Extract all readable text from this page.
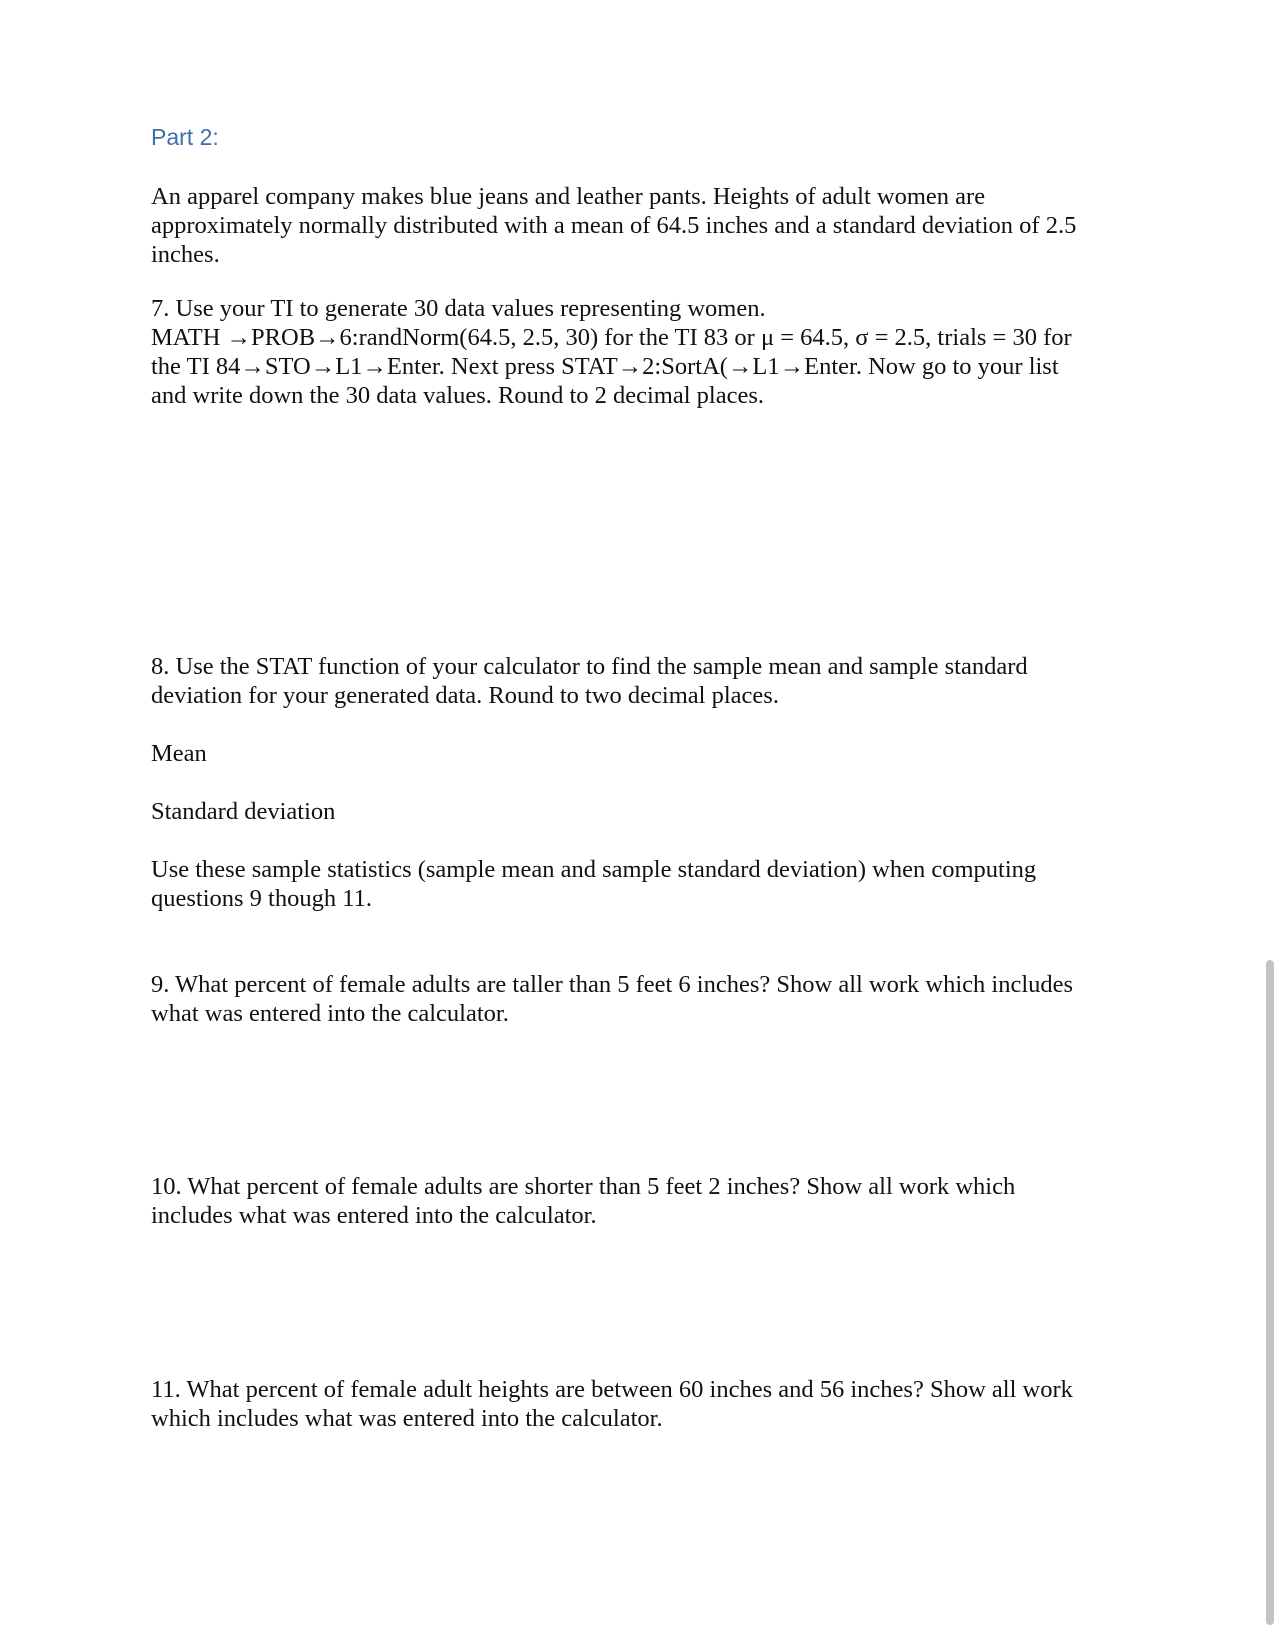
Part 2:

An apparel company makes blue jeans and leather pants. Heights of adult women are
approximately normally distributed with a mean of 64.5 inches and a standard deviation of 2.5
inches.

7. Use your TI to generate 30 data values representing women.
MATH →PROB→6:randNorm(64.5, 2.5, 30) for the TI 83 or μ = 64.5, σ = 2.5, trials = 30 for
the TI 84→STO→L1→Enter. Next press STAT→2:SortA(→L1→Enter. Now go to your list
and write down the 30 data values. Round to 2 decimal places.

8. Use the STAT function of your calculator to find the sample mean and sample standard
deviation for your generated data. Round to two decimal places.

Mean

Standard deviation

Use these sample statistics (sample mean and sample standard deviation) when computing
questions 9 though 11.

9. What percent of female adults are taller than 5 feet 6 inches? Show all work which includes
what was entered into the calculator.

10. What percent of female adults are shorter than 5 feet 2 inches? Show all work which
includes what was entered into the calculator.

11. What percent of female adult heights are between 60 inches and 56 inches? Show all work
which includes what was entered into the calculator.
